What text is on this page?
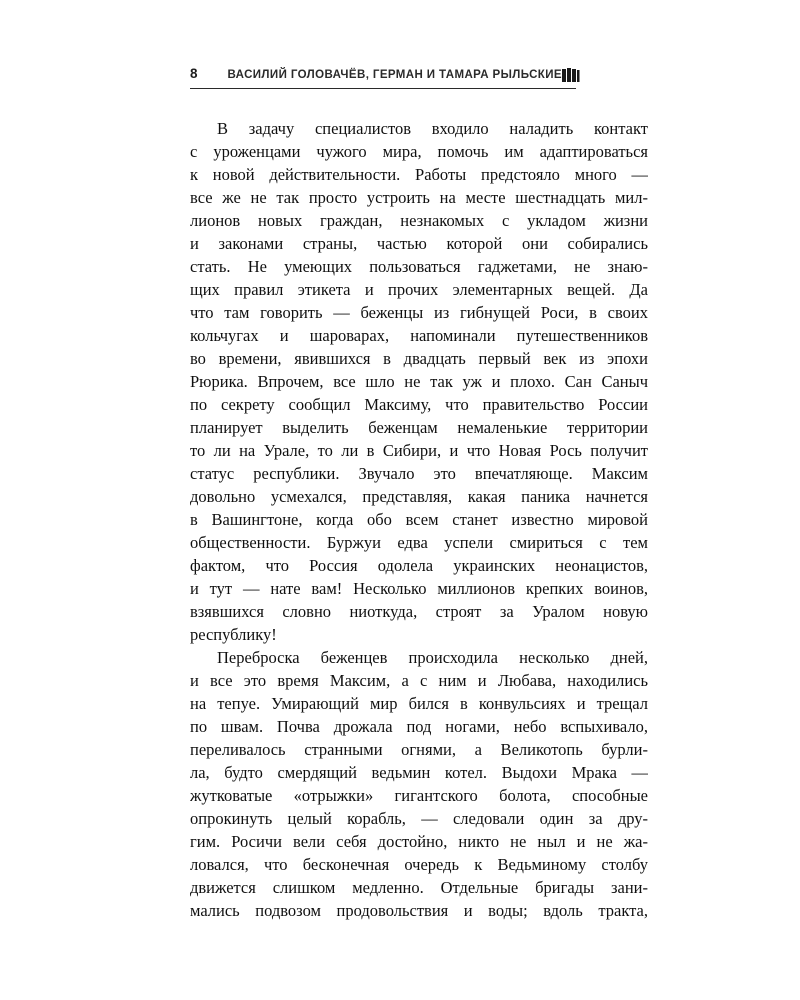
8	ВАСИЛИЙ ГОЛОВАЧЁВ, ГЕРМАН И ТАМАРА РЫЛЬСКИЕ
В задачу специалистов входило наладить контакт
с уроженцами чужого мира, помочь им адаптироваться
к новой действительности. Работы предстояло много —
все же не так просто устроить на месте шестнадцать мил-
лионов новых граждан, незнакомых с укладом жизни
и законами страны, частью которой они собирались
стать. Не умеющих пользоваться гаджетами, не знаю-
щих правил этикета и прочих элементарных вещей. Да
что там говорить — беженцы из гибнущей Роси, в своих
кольчугах и шароварах, напоминали путешественников
во времени, явившихся в двадцать первый век из эпохи
Рюрика. Впрочем, все шло не так уж и плохо. Сан Саныч
по секрету сообщил Максиму, что правительство России
планирует выделить беженцам немаленькие территории
то ли на Урале, то ли в Сибири, и что Новая Рось получит
статус республики. Звучало это впечатляюще. Максим
довольно усмехался, представляя, какая паника начнется
в Вашингтоне, когда обо всем станет известно мировой
общественности. Буржуи едва успели смириться с тем
фактом, что Россия одолела украинских неонацистов,
и тут — нате вам! Несколько миллионов крепких воинов,
взявшихся словно ниоткуда, строят за Уралом новую
республику!
Переброска беженцев происходила несколько дней,
и все это время Максим, а с ним и Любава, находились
на тепуе. Умирающий мир бился в конвульсиях и трещал
по швам. Почва дрожала под ногами, небо вспыхивало,
переливалось странными огнями, а Великотопь бурли-
ла, будто смердящий ведьмин котел. Выдохи Мрака —
жутковатые «отрыжки» гигантского болота, способные
опрокинуть целый корабль, — следовали один за дру-
гим. Росичи вели себя достойно, никто не ныл и не жа-
ловался, что бесконечная очередь к Ведьминому столбу
движется слишком медленно. Отдельные бригады зани-
мались подвозом продовольствия и воды; вдоль тракта,
